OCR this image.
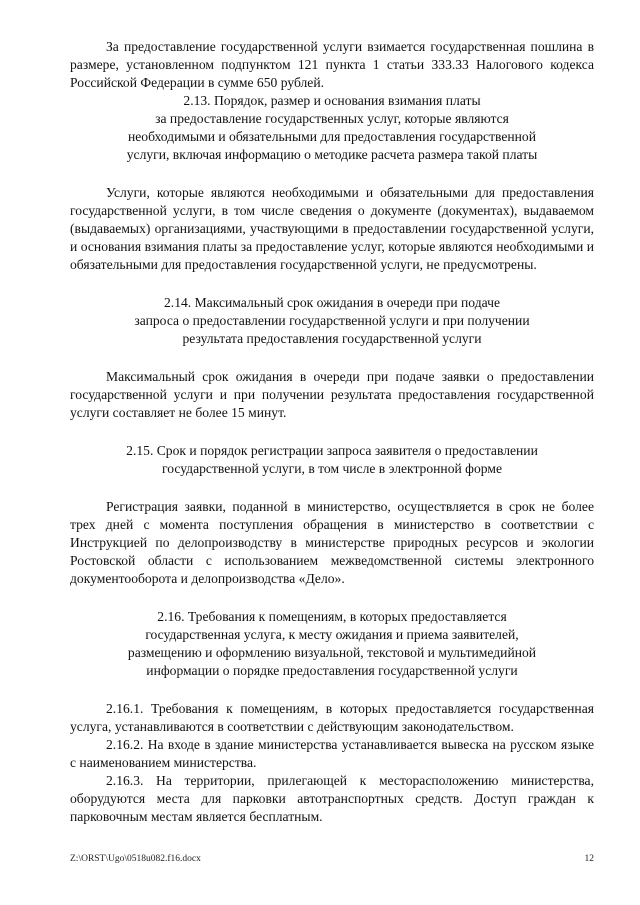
За предоставление государственной услуги взимается государственная пошлина в размере, установленном подпунктом 121 пункта 1 статьи 333.33 Налогового кодекса Российской Федерации в сумме 650 рублей.

2.13. Порядок, размер и основания взимания платы

за предоставление государственных услуг, которые являются

необходимыми и обязательными для предоставления государственной

услуги, включая информацию о методике расчета размера такой платы

Услуги, которые являются необходимыми и обязательными для предоставления государственной услуги, в том числе сведения о документе (документах), выдаваемом (выдаваемых) организациями, участвующими в предоставлении государственной услуги, и основания взимания платы за предоставление услуг, которые являются необходимыми и обязательными для предоставления государственной услуги, не предусмотрены.

2.14. Максимальный срок ожидания в очереди при подаче

запроса о предоставлении государственной услуги и при получении

результата предоставления государственной услуги

Максимальный срок ожидания в очереди при подаче заявки о предоставлении государственной услуги и при получении результата предоставления государственной услуги составляет не более 15 минут.

2.15. Срок и порядок регистрации запроса заявителя о предоставлении

государственной услуги, в том числе в электронной форме

Регистрация заявки, поданной в министерство, осуществляется в срок не более трех дней с момента поступления обращения в министерство в соответствии с Инструкцией по делопроизводству в министерстве природных ресурсов и экологии Ростовской области с использованием межведомственной системы электронного документооборота и делопроизводства «Дело».

2.16. Требования к помещениям, в которых предоставляется

государственная услуга, к месту ожидания и приема заявителей,

размещению и оформлению визуальной, текстовой и мультимедийной

информации о порядке предоставления государственной услуги

2.16.1. Требования к помещениям, в которых предоставляется государственная услуга, устанавливаются в соответствии с действующим законодательством.

2.16.2. На входе в здание министерства устанавливается вывеска на русском языке с наименованием министерства.

2.16.3. На территории, прилегающей к месторасположению министерства, оборудуются места для парковки автотранспортных средств. Доступ граждан к парковочным местам является бесплатным.

Z:\ORST\Ugo\0518u082.f16.docx	12
